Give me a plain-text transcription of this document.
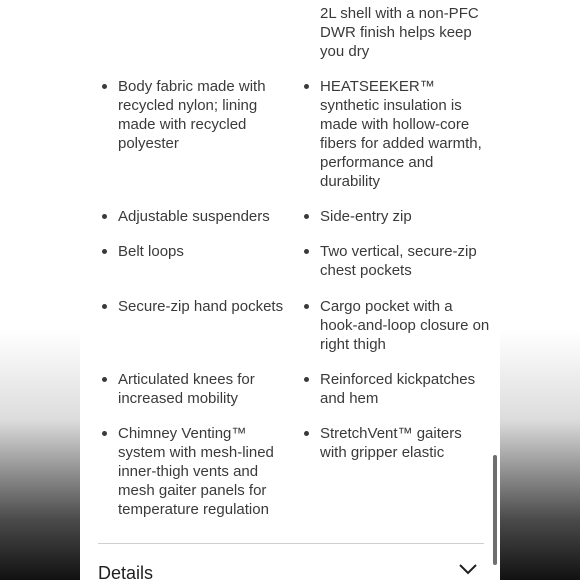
2L shell with a non-PFC DWR finish helps keep you dry
Body fabric made with recycled nylon; lining made with recycled polyester
Adjustable suspenders
Belt loops
Secure-zip hand pockets
Articulated knees for increased mobility
Chimney Venting™ system with mesh-lined inner-thigh vents and mesh gaiter panels for temperature regulation
HEATSEEKER™ synthetic insulation is made with hollow-core fibers for added warmth, performance and durability
Side-entry zip
Two vertical, secure-zip chest pockets
Cargo pocket with a hook-and-loop closure on right thigh
Reinforced kickpatches and hem
StretchVent™ gaiters with gripper elastic
Details
